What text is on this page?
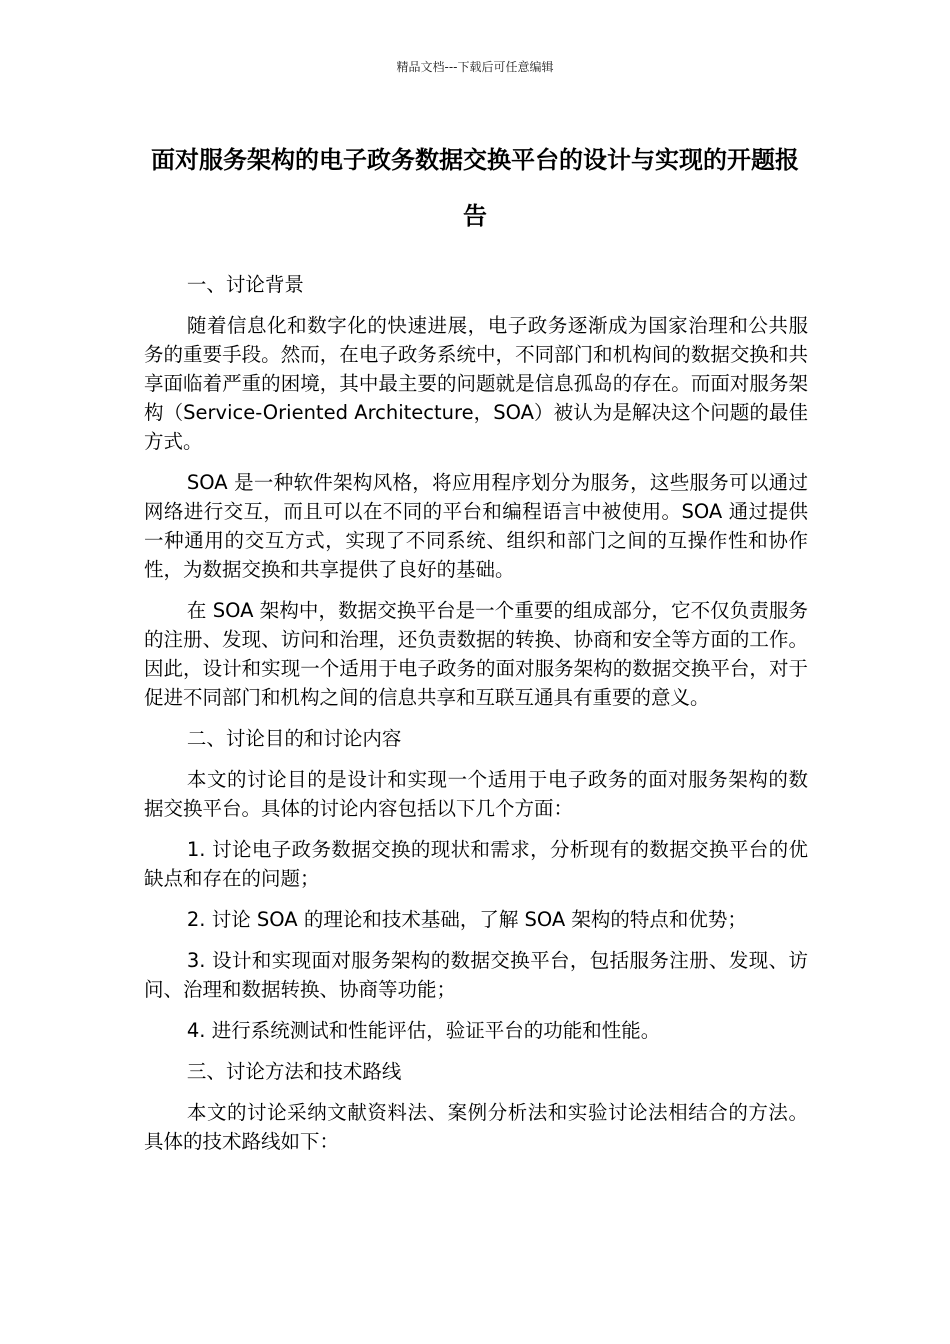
精品文档---下载后可任意编辑
面对服务架构的电子政务数据交换平台的设计与实现的开题报告

一、讨论背景

随着信息化和数字化的快速进展，电子政务逐渐成为国家治理和公共服务的重要手段。然而，在电子政务系统中，不同部门和机构间的数据交换和共享面临着严重的困境，其中最主要的问题就是信息孤岛的存在。而面对服务架构（Service-Oriented Architecture，SOA）被认为是解决这个问题的最佳方式。

SOA 是一种软件架构风格，将应用程序划分为服务，这些服务可以通过网络进行交互，而且可以在不同的平台和编程语言中被使用。SOA 通过提供一种通用的交互方式，实现了不同系统、组织和部门之间的互操作性和协作性，为数据交换和共享提供了良好的基础。

在 SOA 架构中，数据交换平台是一个重要的组成部分，它不仅负责服务的注册、发现、访问和治理，还负责数据的转换、协商和安全等方面的工作。因此，设计和实现一个适用于电子政务的面对服务架构的数据交换平台，对于促进不同部门和机构之间的信息共享和互联互通具有重要的意义。

二、讨论目的和讨论内容

本文的讨论目的是设计和实现一个适用于电子政务的面对服务架构的数据交换平台。具体的讨论内容包括以下几个方面：

1. 讨论电子政务数据交换的现状和需求，分析现有的数据交换平台的优缺点和存在的问题；

2. 讨论 SOA 的理论和技术基础，了解 SOA 架构的特点和优势；

3. 设计和实现面对服务架构的数据交换平台，包括服务注册、发现、访问、治理和数据转换、协商等功能；

4. 进行系统测试和性能评估，验证平台的功能和性能。

三、讨论方法和技术路线

本文的讨论采纳文献资料法、案例分析法和实验讨论法相结合的方法。具体的技术路线如下：
